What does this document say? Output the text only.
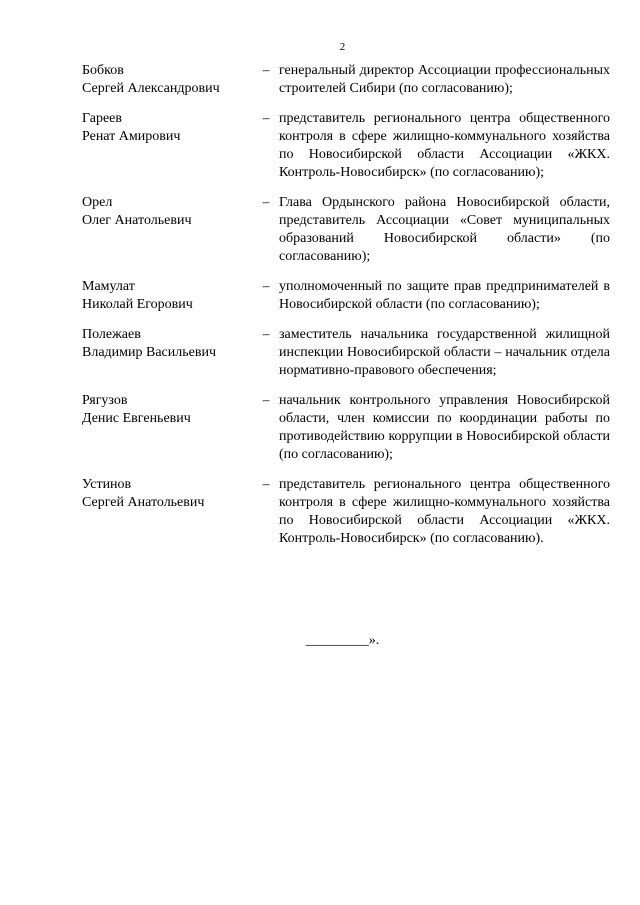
2
Бобков
Сергей Александрович
– генеральный директор Ассоциации профессиональных строителей Сибири (по согласованию);
Гареев
Ренат Амирович
– представитель регионального центра общественного контроля в сфере жилищно-коммунального хозяйства по Новосибирской области Ассоциации «ЖКХ. Контроль-Новосибирск» (по согласованию);
Орел
Олег Анатольевич
– Глава Ордынского района Новосибирской области, представитель Ассоциации «Совет муниципальных образований Новосибирской области» (по согласованию);
Мамулат
Николай Егорович
– уполномоченный по защите прав предпринимателей в Новосибирской области (по согласованию);
Полежаев
Владимир Васильевич
– заместитель начальника государственной жилищной инспекции Новосибирской области – начальник отдела нормативно-правового обеспечения;
Рягузов
Денис Евгеньевич
– начальник контрольного управления Новосибирской области, член комиссии по координации работы по противодействию коррупции в Новосибирской области (по согласованию);
Устинов
Сергей Анатольевич
– представитель регионального центра общественного контроля в сфере жилищно-коммунального хозяйства по Новосибирской области Ассоциации «ЖКХ. Контроль-Новосибирск» (по согласованию).
_________».
